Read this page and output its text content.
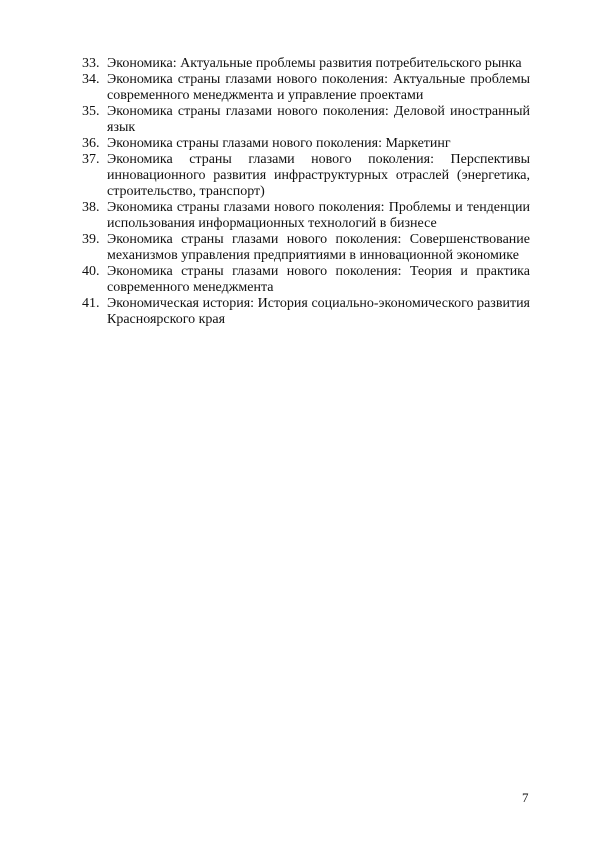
33. Экономика: Актуальные проблемы развития потребительского рынка
34. Экономика страны глазами нового поколения: Актуальные проблемы современного менеджмента и управление проектами
35. Экономика страны глазами нового поколения: Деловой иностранный язык
36. Экономика страны глазами нового поколения: Маркетинг
37. Экономика страны глазами нового поколения: Перспективы инновационного развития инфраструктурных отраслей (энергетика, строительство, транспорт)
38. Экономика страны глазами нового поколения: Проблемы и тенденции использования информационных технологий в бизнесе
39. Экономика страны глазами нового поколения: Совершенствование механизмов управления предприятиями в инновационной экономике
40. Экономика страны глазами нового поколения: Теория и практика современного менеджмента
41. Экономическая история: История социально-экономического развития Красноярского края
7
